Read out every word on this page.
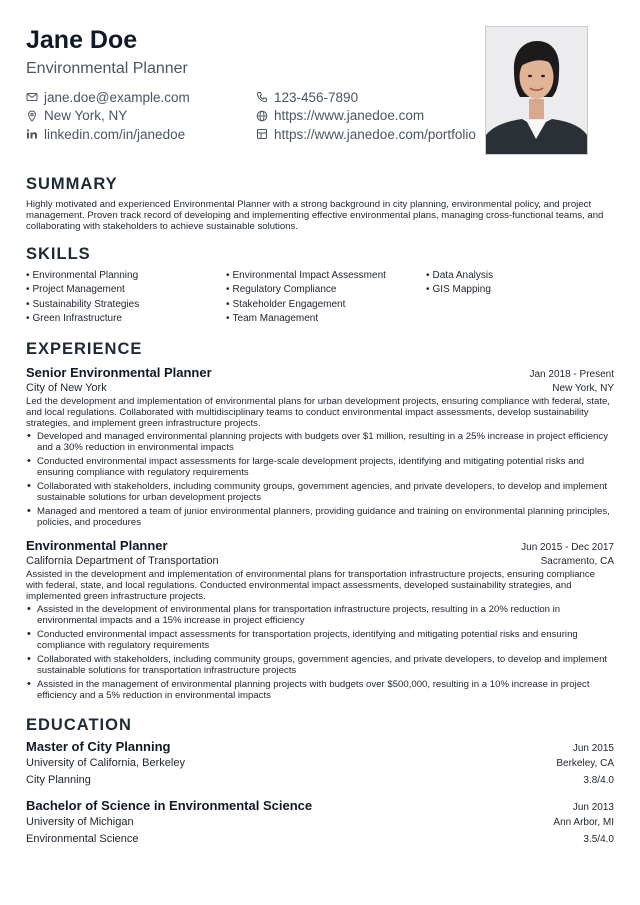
Jane Doe
Environmental Planner
jane.doe@example.com
New York, NY
linkedin.com/in/janedoe
123-456-7890
https://www.janedoe.com
https://www.janedoe.com/portfolio
SUMMARY

Highly motivated and experienced Environmental Planner with a strong background in city planning, environmental policy, and project management. Proven track record of developing and implementing effective environmental plans, managing cross-functional teams, and collaborating with stakeholders to achieve sustainable solutions.

SKILLS
• Environmental Planning
• Project Management
• Sustainability Strategies
• Green Infrastructure
• Environmental Impact Assessment
• Regulatory Compliance
• Stakeholder Engagement
• Team Management
• Data Analysis
• GIS Mapping
EXPERIENCE
Senior Environmental Planner	Jan 2018 - Present
City of New York	New York, NY

Led the development and implementation of environmental plans for urban development projects, ensuring compliance with federal, state, and local regulations. Collaborated with multidisciplinary teams to conduct environmental impact assessments, develop sustainability strategies, and implement green infrastructure projects.

• Developed and managed environmental planning projects with budgets over $1 million, resulting in a 25% increase in project efficiency and a 30% reduction in environmental impacts
• Conducted environmental impact assessments for large-scale development projects, identifying and mitigating potential risks and ensuring compliance with regulatory requirements
• Collaborated with stakeholders, including community groups, government agencies, and private developers, to develop and implement sustainable solutions for urban development projects
• Managed and mentored a team of junior environmental planners, providing guidance and training on environmental planning principles, policies, and procedures
Environmental Planner	Jun 2015 - Dec 2017
California Department of Transportation	Sacramento, CA

Assisted in the development and implementation of environmental plans for transportation infrastructure projects, ensuring compliance with federal, state, and local regulations. Conducted environmental impact assessments, developed sustainability strategies, and implemented green infrastructure projects.

• Assisted in the development of environmental plans for transportation infrastructure projects, resulting in a 20% reduction in environmental impacts and a 15% increase in project efficiency
• Conducted environmental impact assessments for transportation projects, identifying and mitigating potential risks and ensuring compliance with regulatory requirements
• Collaborated with stakeholders, including community groups, government agencies, and private developers, to develop and implement sustainable solutions for transportation infrastructure projects
• Assisted in the management of environmental planning projects with budgets over $500,000, resulting in a 10% increase in project efficiency and a 5% reduction in environmental impacts
EDUCATION
Master of City Planning	Jun 2015
University of California, Berkeley	Berkeley, CA
City Planning	3.8/4.0
Bachelor of Science in Environmental Science	Jun 2013
University of Michigan	Ann Arbor, MI
Environmental Science	3.5/4.0
